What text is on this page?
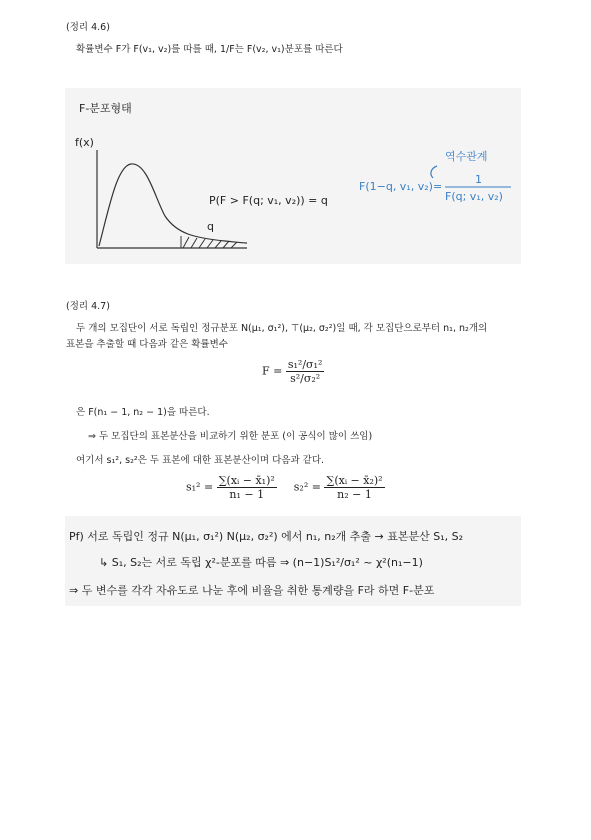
(정리 4.6)
확률변수 F가 F(v₁, v₂)를 따를 때, 1/F는 F(v₂, v₁)분포를 따른다
F-분포형태
f(x)
q
P(F > F(q; v₁, v₂)) = q
역수관계
F(1−q, v₁, v₂) =
1
F(q; v₁, v₂)
(정리 4.7)
두 개의 모집단이 서로 독립인 정규분포 N(μ₁, σ₁²), ⊤(μ₂, σ₂²)일 때, 각 모집단으로부터 n₁, n₂개의
표본을 추출할 때 다음과 같은 확률변수
$F = \frac{\text{s₁²/σ₁²}}{\text{s²/σ₂²}}$
은 F(n₁ − 1, n₂ − 1)을 따른다.
⇒ 두 모집단의 표본분산을 비교하기 위한 분포 (이 공식이 많이 쓰임)
여기서 s₁², s₂²은 두 표본에 대한 표본분산이며 다음과 같다.
$s_1^2 = \frac{\text{∑(xᵢ − x̄₁)²}}{\text{n₁ − 1}} s_2^2 = \frac{\text{∑(xᵢ − x̄₂)²}}{\text{n₂ − 1}}$
Pf) 서로 독립인 정규 N(μ₁, σ₁²) N(μ₂, σ₂²) 에서 n₁, n₂개 추출 → 표본분산 S₁, S₂
↳ S₁, S₂는 서로 독립 χ²-분포를 따름 ⇒ (n−1)S₁²/σ₁² ~ χ²(n₁−1)
⇒ 두 변수를 각각 자유도로 나눈 후에 비율을 취한 통계량을 F라 하면 F-분포
